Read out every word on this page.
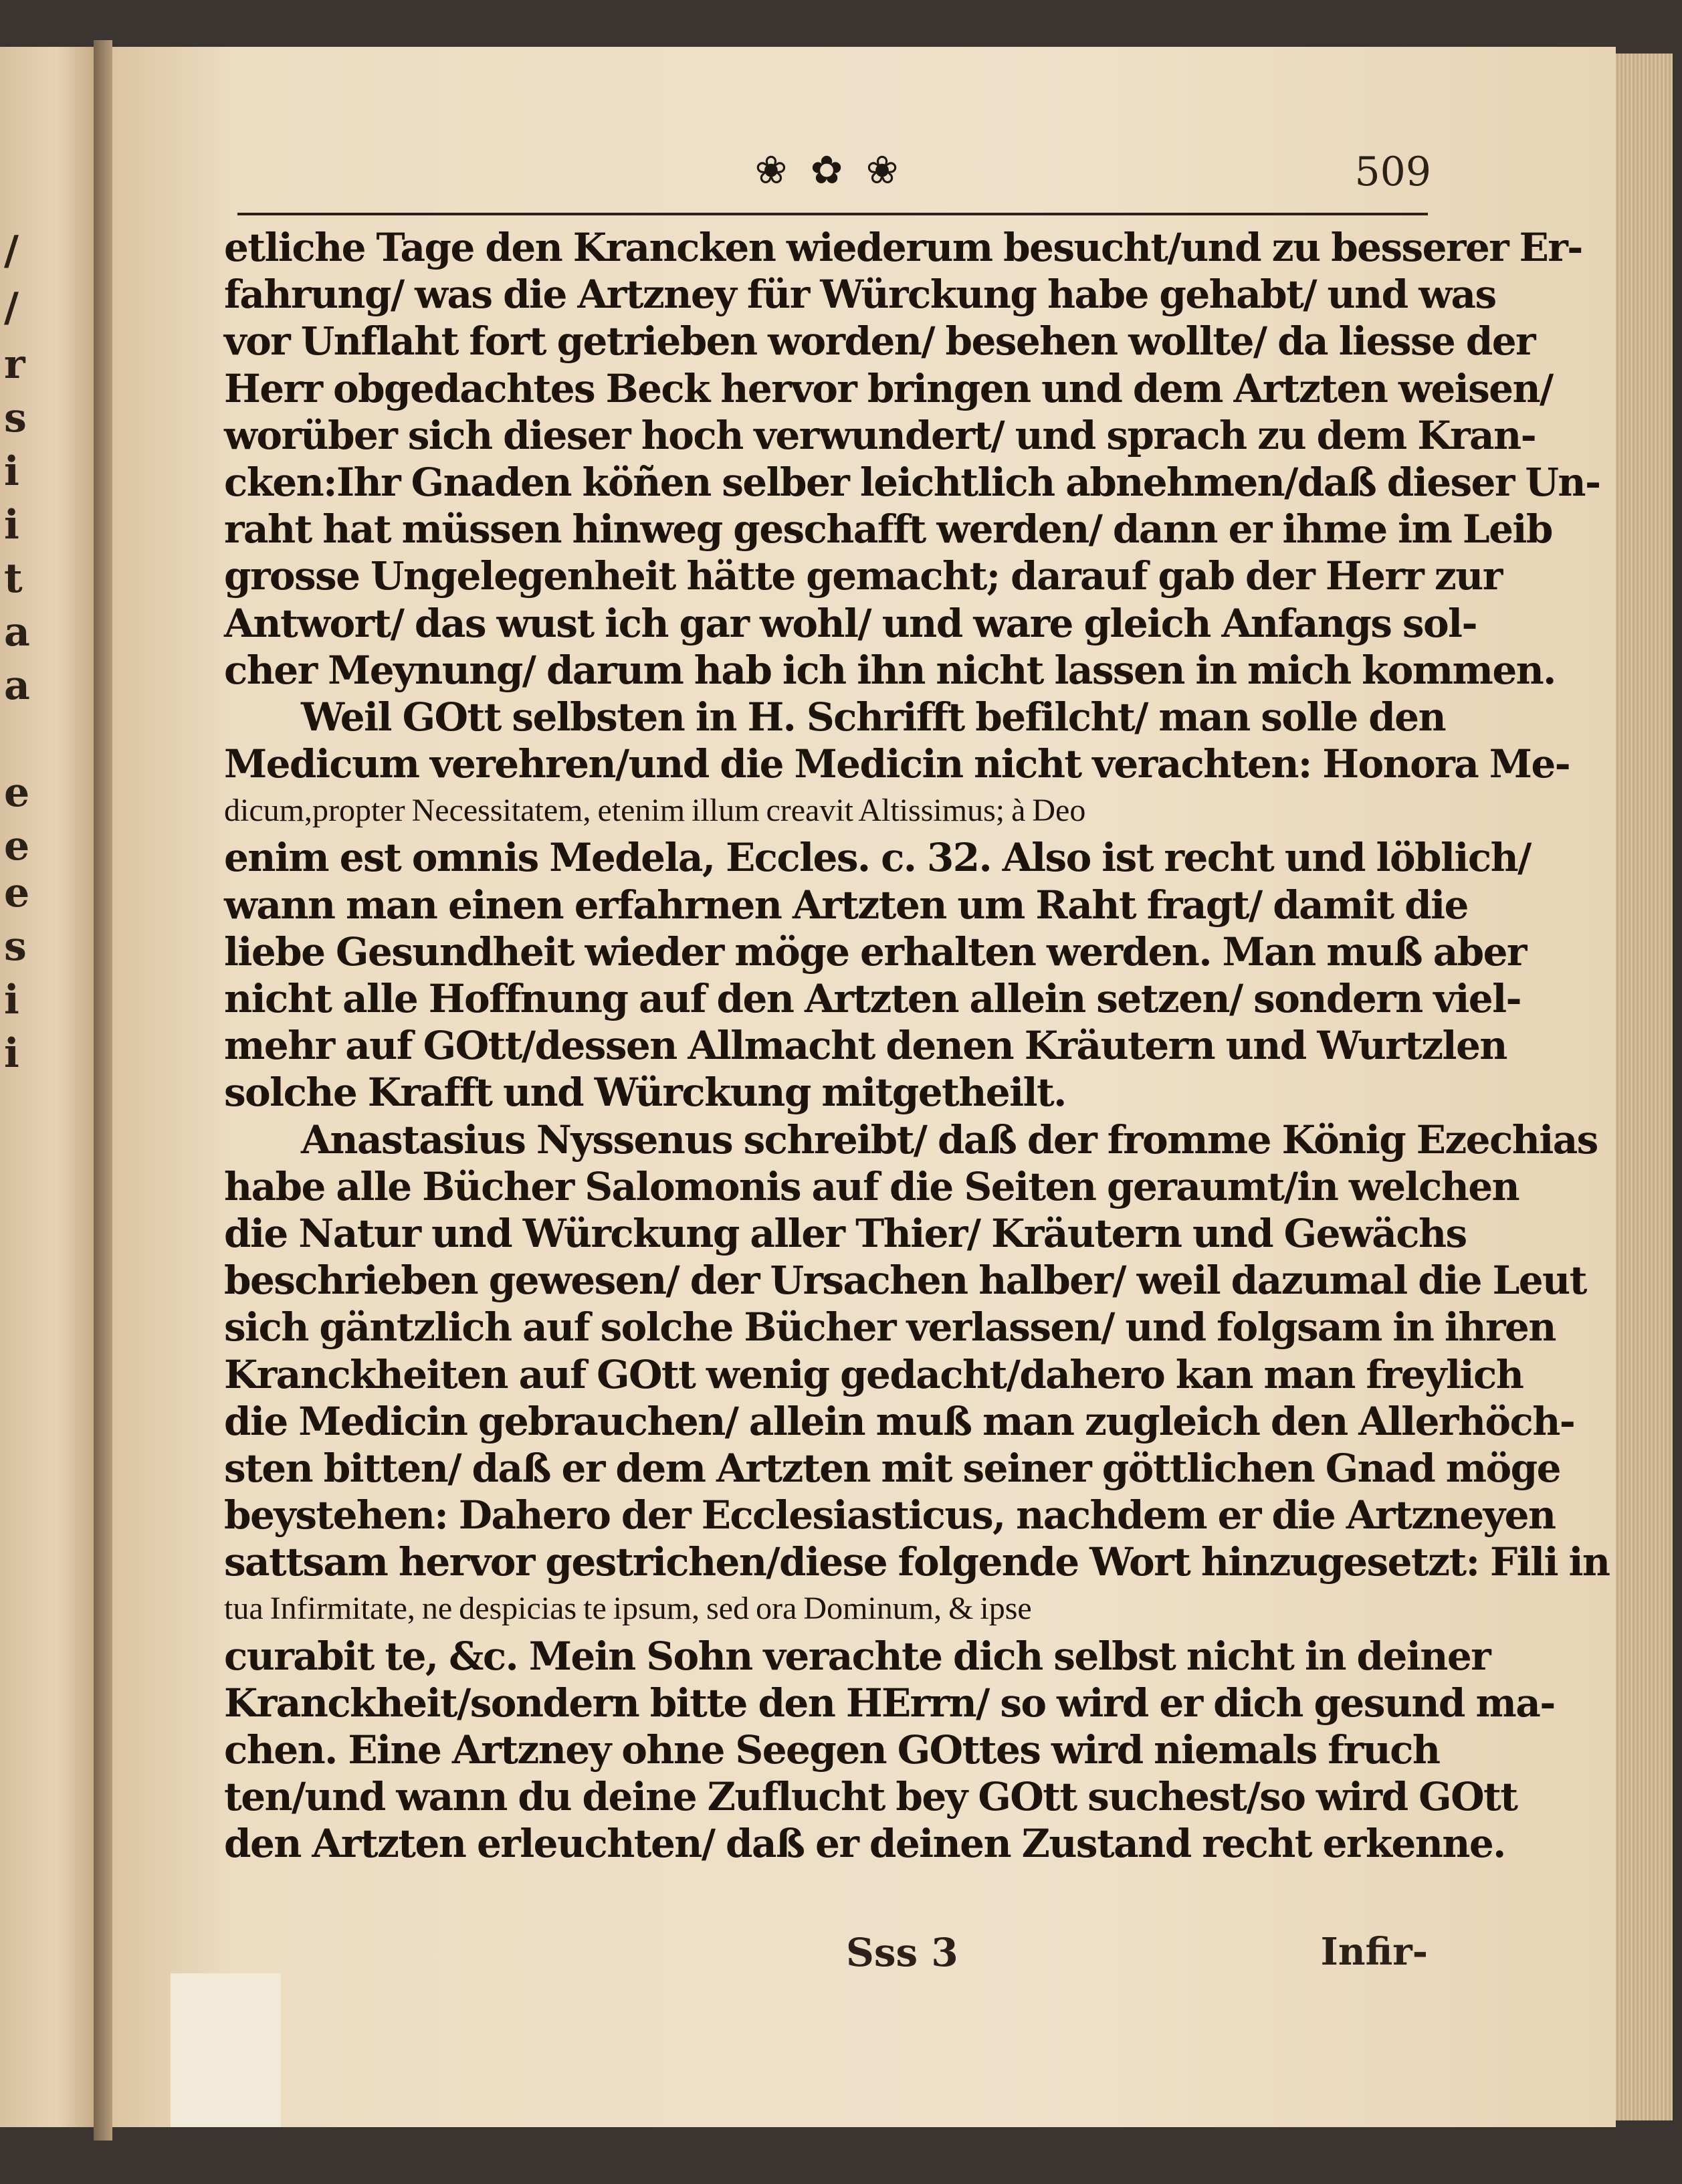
/
/
r
s
i
i
t
a
a
e
e
e
s
i
i
❀ ✿ ❀	509
etliche Tage den Krancken wiederum besucht/und zu besserer Er-
fahrung/ was die Artzney für Würckung habe gehabt/ und was
vor Unflaht fort getrieben worden/ besehen wollte/ da liesse der
Herr obgedachtes Beck hervor bringen und dem Artzten weisen/
worüber sich dieser hoch verwundert/ und sprach zu dem Kran-
cken:Ihr Gnaden köñen selber leichtlich abnehmen/daß dieser Un-
raht hat müssen hinweg geschafft werden/ dann er ihme im Leib
grosse Ungelegenheit hätte gemacht; darauf gab der Herr zur
Antwort/ das wust ich gar wohl/ und ware gleich Anfangs sol-
cher Meynung/ darum hab ich ihn nicht lassen in mich kommen.
Weil GOtt selbsten in H. Schrifft befilcht/ man solle den
Medicum verehren/und die Medicin nicht verachten: Honora Me-
dicum,propter Necessitatem, etenim illum creavit Altissimus; à Deo
enim est omnis Medela, Eccles. c. 32. Also ist recht und löblich/
wann man einen erfahrnen Artzten um Raht fragt/ damit die
liebe Gesundheit wieder möge erhalten werden. Man muß aber
nicht alle Hoffnung auf den Artzten allein setzen/ sondern viel-
mehr auf GOtt/dessen Allmacht denen Kräutern und Wurtzlen
solche Krafft und Würckung mitgetheilt.
Anastasius Nyssenus schreibt/ daß der fromme König Ezechias
habe alle Bücher Salomonis auf die Seiten geraumt/in welchen
die Natur und Würckung aller Thier/ Kräutern und Gewächs
beschrieben gewesen/ der Ursachen halber/ weil dazumal die Leut
sich gäntzlich auf solche Bücher verlassen/ und folgsam in ihren
Kranckheiten auf GOtt wenig gedacht/dahero kan man freylich
die Medicin gebrauchen/ allein muß man zugleich den Allerhöch-
sten bitten/ daß er dem Artzten mit seiner göttlichen Gnad möge
beystehen: Dahero der Ecclesiasticus, nachdem er die Artzneyen
sattsam hervor gestrichen/diese folgende Wort hinzugesetzt: Fili in
tua Infirmitate, ne despicias te ipsum, sed ora Dominum, & ipse
curabit te, &c. Mein Sohn verachte dich selbst nicht in deiner
Kranckheit/sondern bitte den HErrn/ so wird er dich gesund ma-
chen. Eine Artzney ohne Seegen GOttes wird niemals fruch
ten/und wann du deine Zuflucht bey GOtt suchest/so wird GOtt
den Artzten erleuchten/ daß er deinen Zustand recht erkenne.
Sss 3	Infir-
